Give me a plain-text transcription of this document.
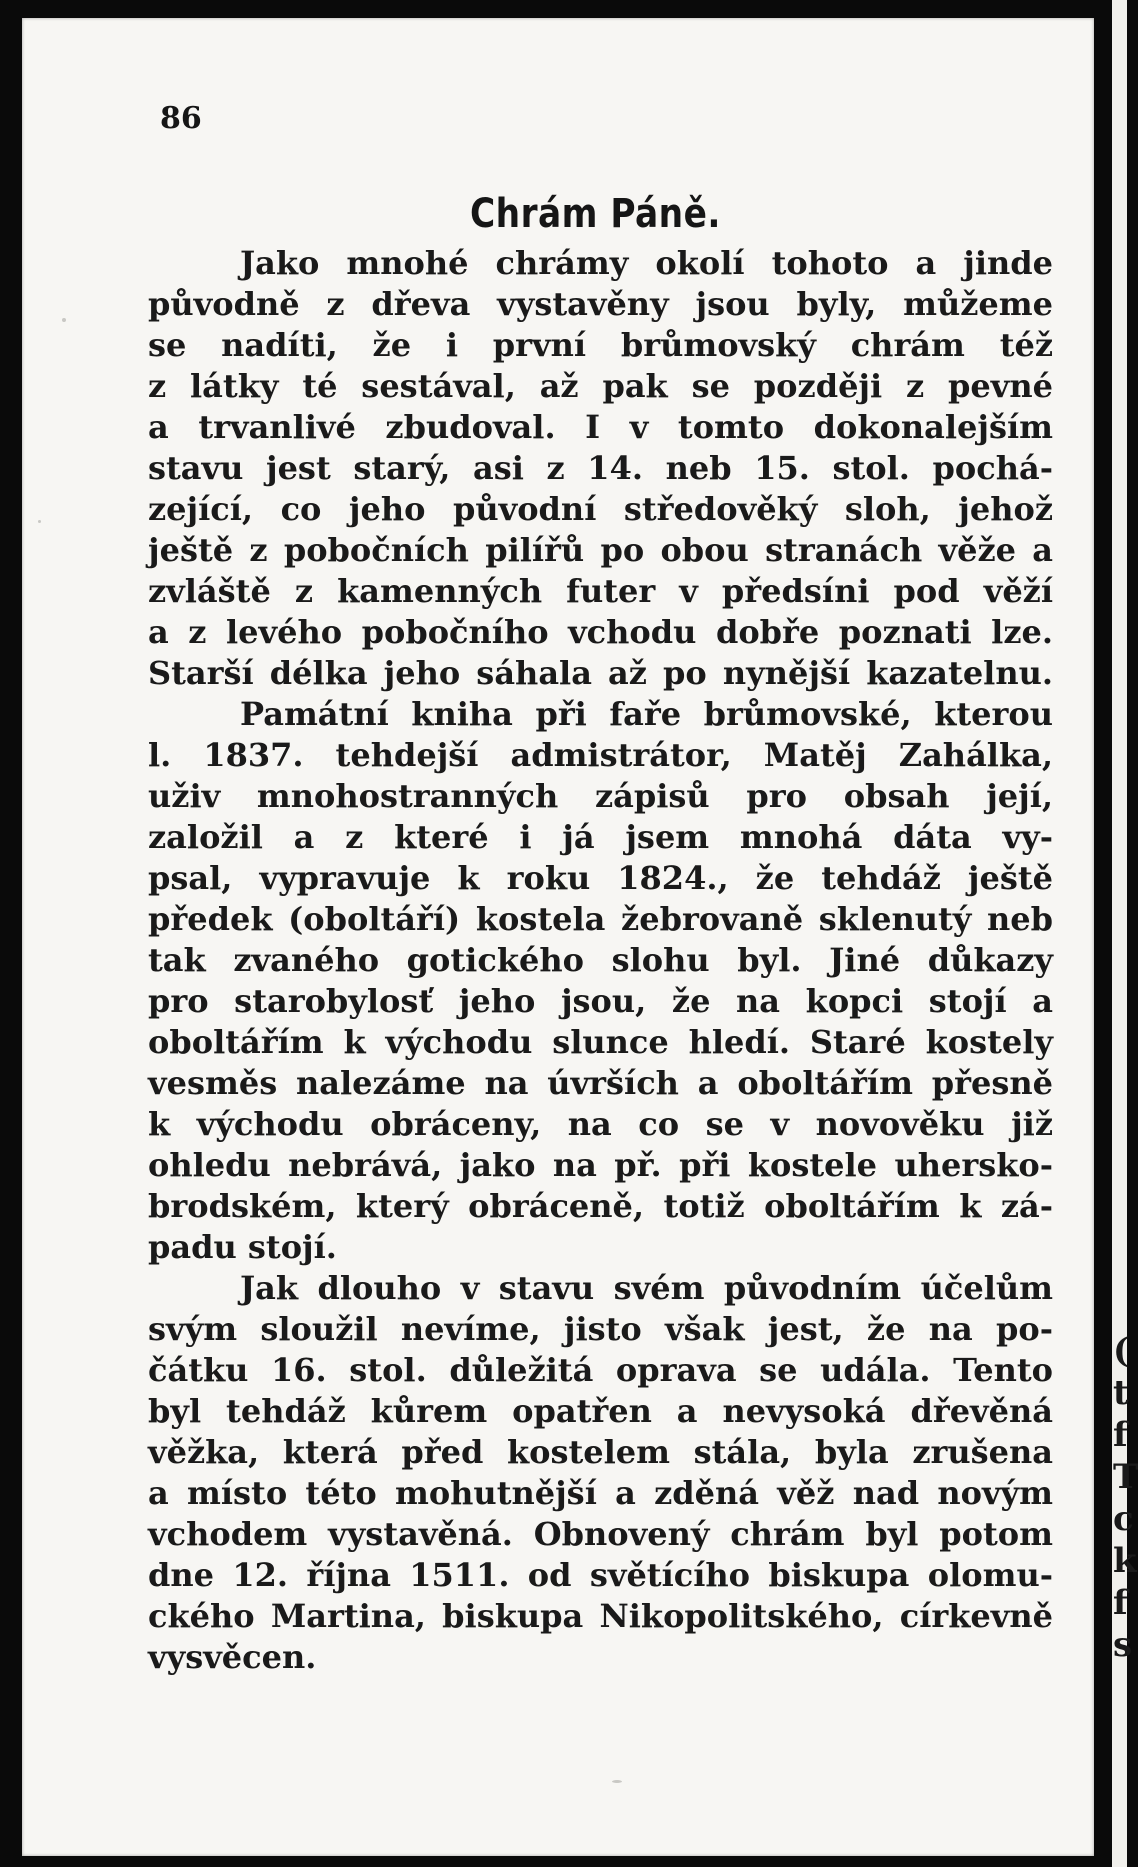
(
t
f
T
c
k
f
s
86
Chrám Páně.
Jako mnohé chrámy okolí tohoto a jinde
původně z dřeva vystavěny jsou byly, můžeme
se nadíti, že i první brůmovský chrám též
z látky té sestával, až pak se později z pevné
a trvanlivé zbudoval. I v tomto dokonalejším
stavu jest starý, asi z 14. neb 15. stol. pochá-
zející, co jeho původní středověký sloh, jehož
ještě z pobočních pilířů po obou stranách věže a
zvláště z kamenných futer v předsíni pod věží
a z levého pobočního vchodu dobře poznati lze.
Starší délka jeho sáhala až po nynější kazatelnu.
Památní kniha při faře brůmovské, kterou
l. 1837. tehdejší admistrátor, Matěj Zahálka,
uživ mnohostranných zápisů pro obsah její,
založil a z které i já jsem mnohá dáta vy-
psal, vypravuje k roku 1824., že tehdáž ještě
předek (oboltáří) kostela žebrovaně sklenutý neb
tak zvaného gotického slohu byl. Jiné důkazy
pro starobylosť jeho jsou, že na kopci stojí a
oboltářím k východu slunce hledí. Staré kostely
vesměs nalezáme na úvrších a oboltářím přesně
k východu obráceny, na co se v novověku již
ohledu nebrává, jako na př. při kostele uhersko-
brodském, který obráceně, totiž oboltářím k zá-
padu stojí.
Jak dlouho v stavu svém původním účelům
svým sloužil nevíme, jisto však jest, že na po-
čátku 16. stol. důležitá oprava se udála. Tento
byl tehdáž kůrem opatřen a nevysoká dřevěná
věžka, která před kostelem stála, byla zrušena
a místo této mohutnější a zděná věž nad novým
vchodem vystavěná. Obnovený chrám byl potom
dne 12. října 1511. od světícího biskupa olomu-
ckého Martina, biskupa Nikopolitského, církevně
vysvěcen.
